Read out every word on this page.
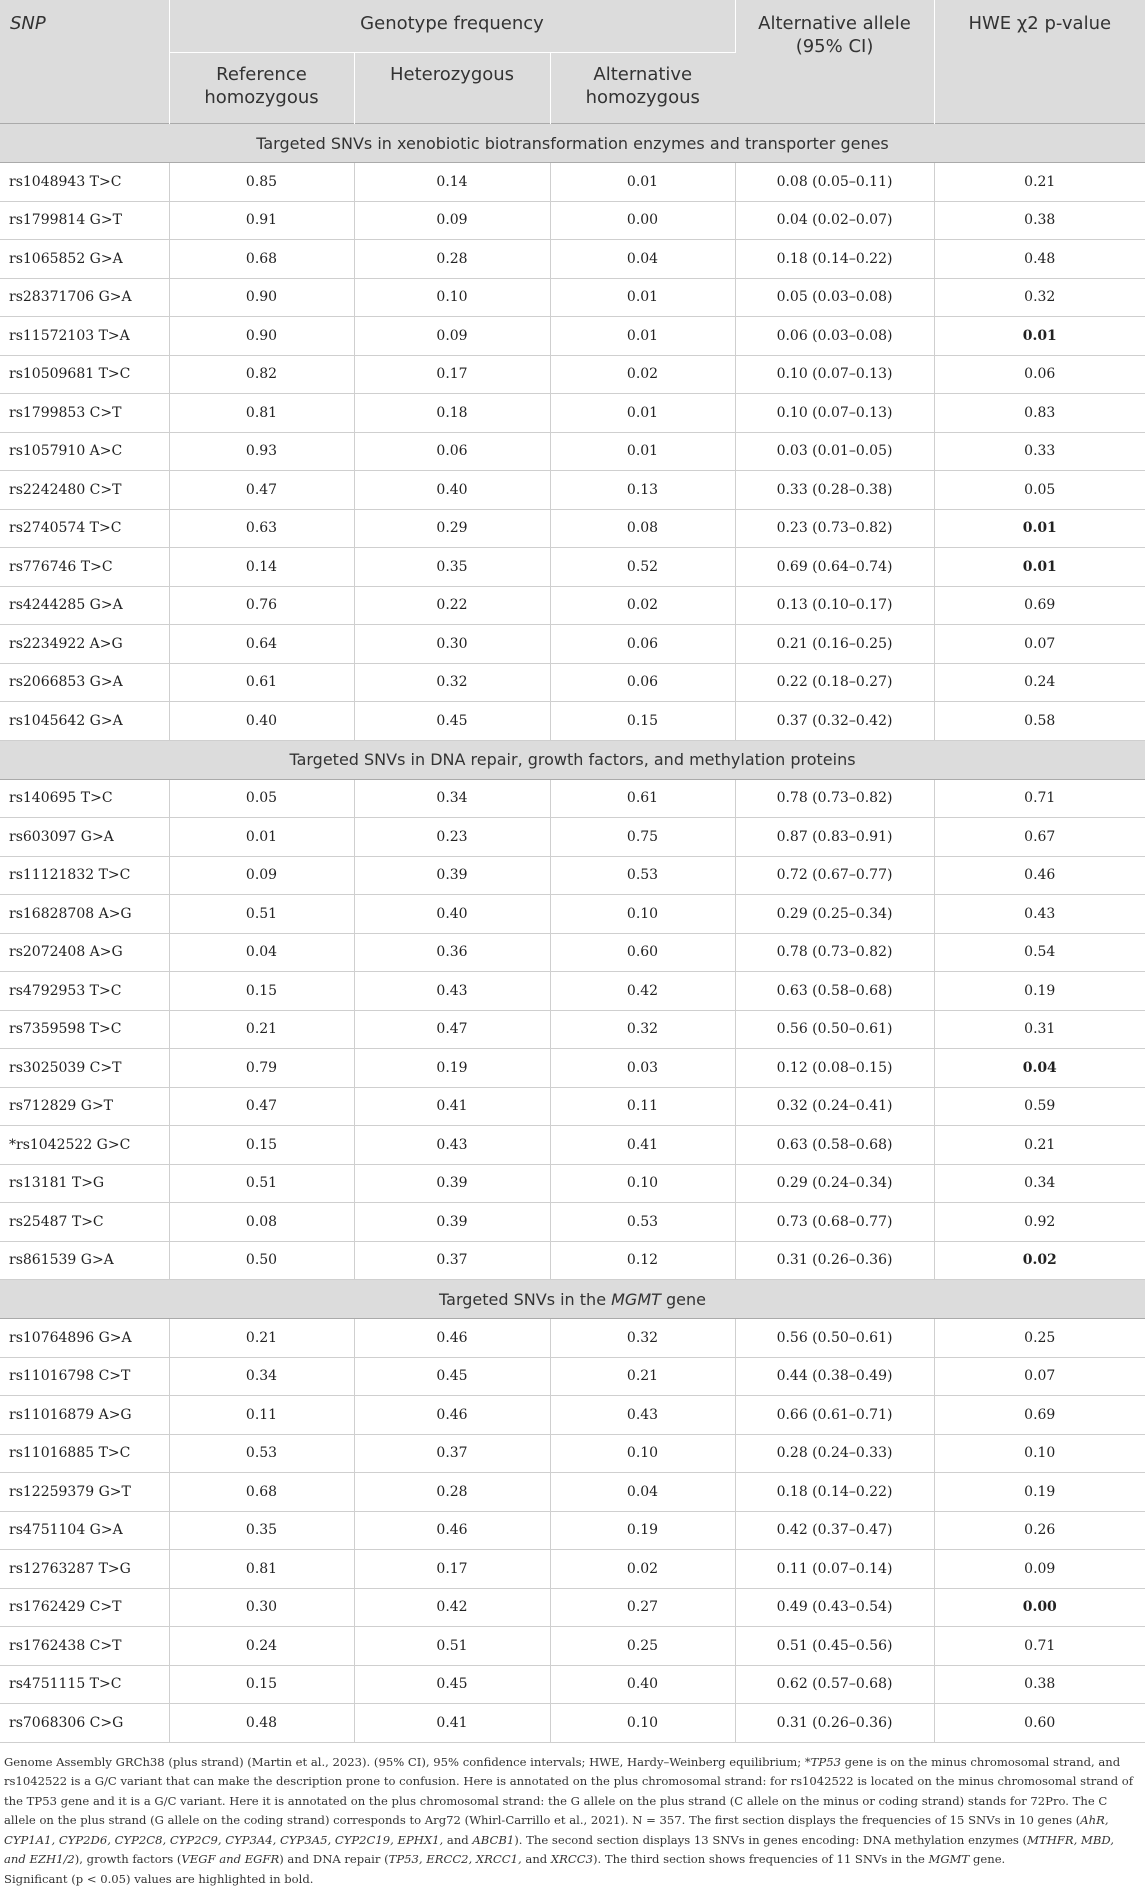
SNP	Genotype frequency			Alternative allele (95% CI)	HWE χ2 p-value
	Reference homozygous	Heterozygous	Alternative homozygous		
Targeted SNVs in xenobiotic biotransformation enzymes and transporter genes					
rs1048943 T>C	0.85	0.14	0.01	0.08 (0.05–0.11)	0.21
rs1799814 G>T	0.91	0.09	0.00	0.04 (0.02–0.07)	0.38
rs1065852 G>A	0.68	0.28	0.04	0.18 (0.14–0.22)	0.48
rs28371706 G>A	0.90	0.10	0.01	0.05 (0.03–0.08)	0.32
rs11572103 T>A	0.90	0.09	0.01	0.06 (0.03–0.08)	0.01
rs10509681 T>C	0.82	0.17	0.02	0.10 (0.07–0.13)	0.06
rs1799853 C>T	0.81	0.18	0.01	0.10 (0.07–0.13)	0.83
rs1057910 A>C	0.93	0.06	0.01	0.03 (0.01–0.05)	0.33
rs2242480 C>T	0.47	0.40	0.13	0.33 (0.28–0.38)	0.05
rs2740574 T>C	0.63	0.29	0.08	0.23 (0.73–0.82)	0.01
rs776746 T>C	0.14	0.35	0.52	0.69 (0.64–0.74)	0.01
rs4244285 G>A	0.76	0.22	0.02	0.13 (0.10–0.17)	0.69
rs2234922 A>G	0.64	0.30	0.06	0.21 (0.16–0.25)	0.07
rs2066853 G>A	0.61	0.32	0.06	0.22 (0.18–0.27)	0.24
rs1045642 G>A	0.40	0.45	0.15	0.37 (0.32–0.42)	0.58
Targeted SNVs in DNA repair, growth factors, and methylation proteins					
rs140695 T>C	0.05	0.34	0.61	0.78 (0.73–0.82)	0.71
rs603097 G>A	0.01	0.23	0.75	0.87 (0.83–0.91)	0.67
rs11121832 T>C	0.09	0.39	0.53	0.72 (0.67–0.77)	0.46
rs16828708 A>G	0.51	0.40	0.10	0.29 (0.25–0.34)	0.43
rs2072408 A>G	0.04	0.36	0.60	0.78 (0.73–0.82)	0.54
rs4792953 T>C	0.15	0.43	0.42	0.63 (0.58–0.68)	0.19
rs7359598 T>C	0.21	0.47	0.32	0.56 (0.50–0.61)	0.31
rs3025039 C>T	0.79	0.19	0.03	0.12 (0.08–0.15)	0.04
rs712829 G>T	0.47	0.41	0.11	0.32 (0.24–0.41)	0.59
*rs1042522 G>C	0.15	0.43	0.41	0.63 (0.58–0.68)	0.21
rs13181 T>G	0.51	0.39	0.10	0.29 (0.24–0.34)	0.34
rs25487 T>C	0.08	0.39	0.53	0.73 (0.68–0.77)	0.92
rs861539 G>A	0.50	0.37	0.12	0.31 (0.26–0.36)	0.02
Targeted SNVs in the MGMT gene					
rs10764896 G>A	0.21	0.46	0.32	0.56 (0.50–0.61)	0.25
rs11016798 C>T	0.34	0.45	0.21	0.44 (0.38–0.49)	0.07
rs11016879 A>G	0.11	0.46	0.43	0.66 (0.61–0.71)	0.69
rs11016885 T>C	0.53	0.37	0.10	0.28 (0.24–0.33)	0.10
rs12259379 G>T	0.68	0.28	0.04	0.18 (0.14–0.22)	0.19
rs4751104 G>A	0.35	0.46	0.19	0.42 (0.37–0.47)	0.26
rs12763287 T>G	0.81	0.17	0.02	0.11 (0.07–0.14)	0.09
rs1762429 C>T	0.30	0.42	0.27	0.49 (0.43–0.54)	0.00
rs1762438 C>T	0.24	0.51	0.25	0.51 (0.45–0.56)	0.71
rs4751115 T>C	0.15	0.45	0.40	0.62 (0.57–0.68)	0.38
rs7068306 C>G	0.48	0.41	0.10	0.31 (0.26–0.36)	0.60

Genome Assembly GRCh38 (plus strand) (Martin et al., 2023). (95% CI), 95% confidence intervals; HWE, Hardy–Weinberg equilibrium; *TP53 gene is on the minus chromosomal strand, and rs1042522 is a G/C variant that can make the description prone to confusion. Here is annotated on the plus chromosomal strand: for rs1042522 is located on the minus chromosomal strand of the TP53 gene and it is a G/C variant. Here it is annotated on the plus chromosomal strand: the G allele on the plus strand (C allele on the minus or coding strand) stands for 72Pro. The C allele on the plus strand (G allele on the coding strand) corresponds to Arg72 (Whirl-Carrillo et al., 2021). N = 357. The first section displays the frequencies of 15 SNVs in 10 genes (AhR, CYP1A1, CYP2D6, CYP2C8, CYP2C9, CYP3A4, CYP3A5, CYP2C19, EPHX1, and ABCB1). The second section displays 13 SNVs in genes encoding: DNA methylation enzymes (MTHFR, MBD, and EZH1/2), growth factors (VEGF and EGFR) and DNA repair (TP53, ERCC2, XRCC1, and XRCC3). The third section shows frequencies of 11 SNVs in the MGMT gene.

Significant (p < 0.05) values are highlighted in bold.
